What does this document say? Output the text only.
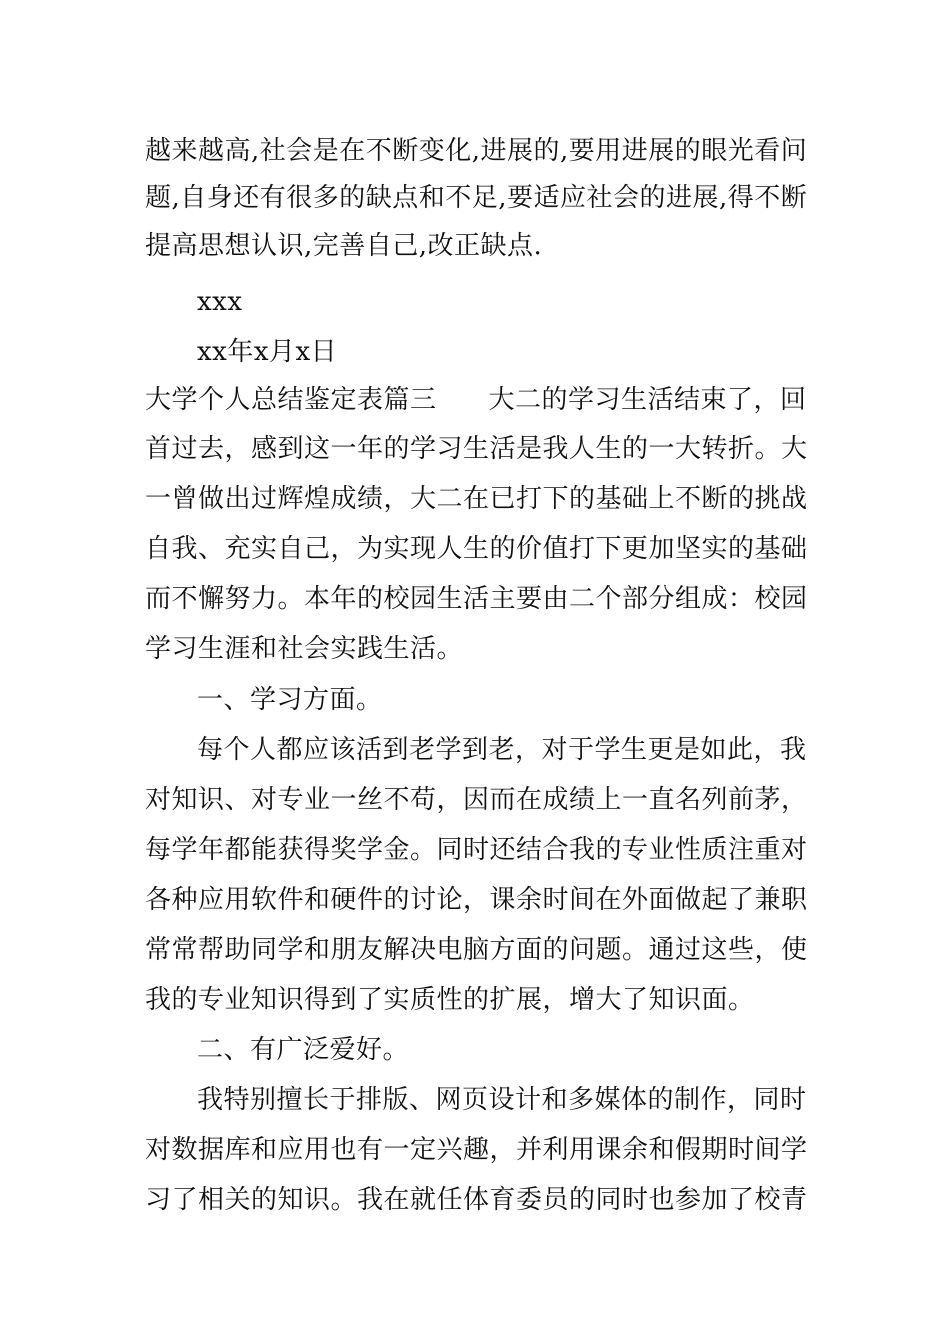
越来越高,社会是在不断变化,进展的,要用进展的眼光看问
题,自身还有很多的缺点和不足,要适应社会的进展,得不断
提高思想认识,完善自己,改正缺点.
xxx
xx年x月x日
大学个人总结鉴定表篇三 大二的学习生活结束了，回
首过去，感到这一年的学习生活是我人生的一大转折。大
一曾做出过辉煌成绩，大二在已打下的基础上不断的挑战
自我、充实自己，为实现人生的价值打下更加坚实的基础
而不懈努力。本年的校园生活主要由二个部分组成：校园
学习生涯和社会实践生活。
一、学习方面。
每个人都应该活到老学到老，对于学生更是如此，我
对知识、对专业一丝不苟，因而在成绩上一直名列前茅，
每学年都能获得奖学金。同时还结合我的专业性质注重对
各种应用软件和硬件的讨论，课余时间在外面做起了兼职
常常帮助同学和朋友解决电脑方面的问题。通过这些，使
我的专业知识得到了实质性的扩展，增大了知识面。
二、有广泛爱好。
我特别擅长于排版、网页设计和多媒体的制作，同时
对数据库和应用也有一定兴趣，并利用课余和假期时间学
习了相关的知识。我在就任体育委员的同时也参加了校青
